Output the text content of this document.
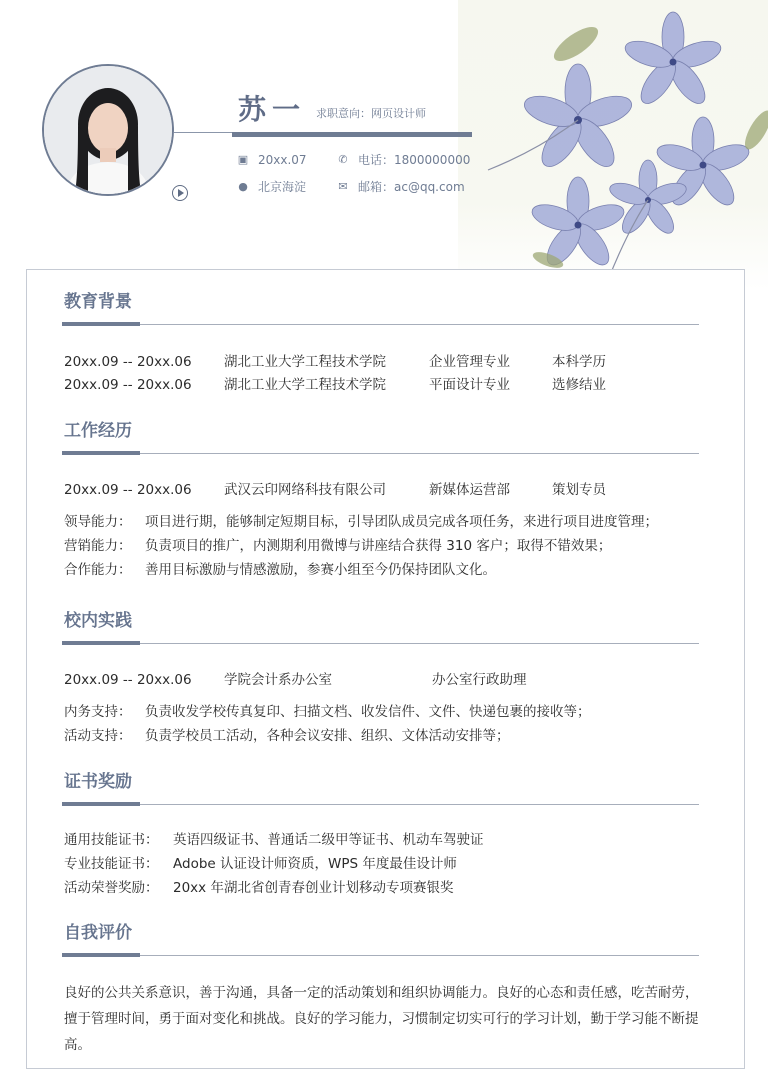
苏一 求职意向：网页设计师
▣ 20xx.07	✆ 电话：1800000000
● 北京海淀	✉ 邮箱：ac@qq.com
教育背景
20xx.09 -- 20xx.06 湖北工业大学工程技术学院	企业管理专业	本科学历
20xx.09 -- 20xx.06 湖北工业大学工程技术学院	平面设计专业	选修结业
工作经历
20xx.09 -- 20xx.06 武汉云印网络科技有限公司	新媒体运营部	策划专员
领导能力： 项目进行期，能够制定短期目标，引导团队成员完成各项任务，来进行项目进度管理；
营销能力： 负责项目的推广，内测期利用微博与讲座结合获得 310 客户；取得不错效果；
合作能力： 善用目标激励与情感激励，参赛小组至今仍保持团队文化。
校内实践
20xx.09 -- 20xx.06 学院会计系办公室	办公室行政助理
内务支持： 负责收发学校传真复印、扫描文档、收发信件、文件、快递包裹的接收等；
活动支持： 负责学校员工活动，各种会议安排、组织、文体活动安排等；
证书奖励
通用技能证书： 英语四级证书、普通话二级甲等证书、机动车驾驶证
专业技能证书： Adobe 认证设计师资质，WPS 年度最佳设计师
活动荣誉奖励： 20xx 年湖北省创青春创业计划移动专项赛银奖
自我评价
良好的公共关系意识，善于沟通，具备一定的活动策划和组织协调能力。良好的心态和责任感，吃苦耐劳，擅于管理时间，勇于面对变化和挑战。良好的学习能力，习惯制定切实可行的学习计划，勤于学习能不断提高。
